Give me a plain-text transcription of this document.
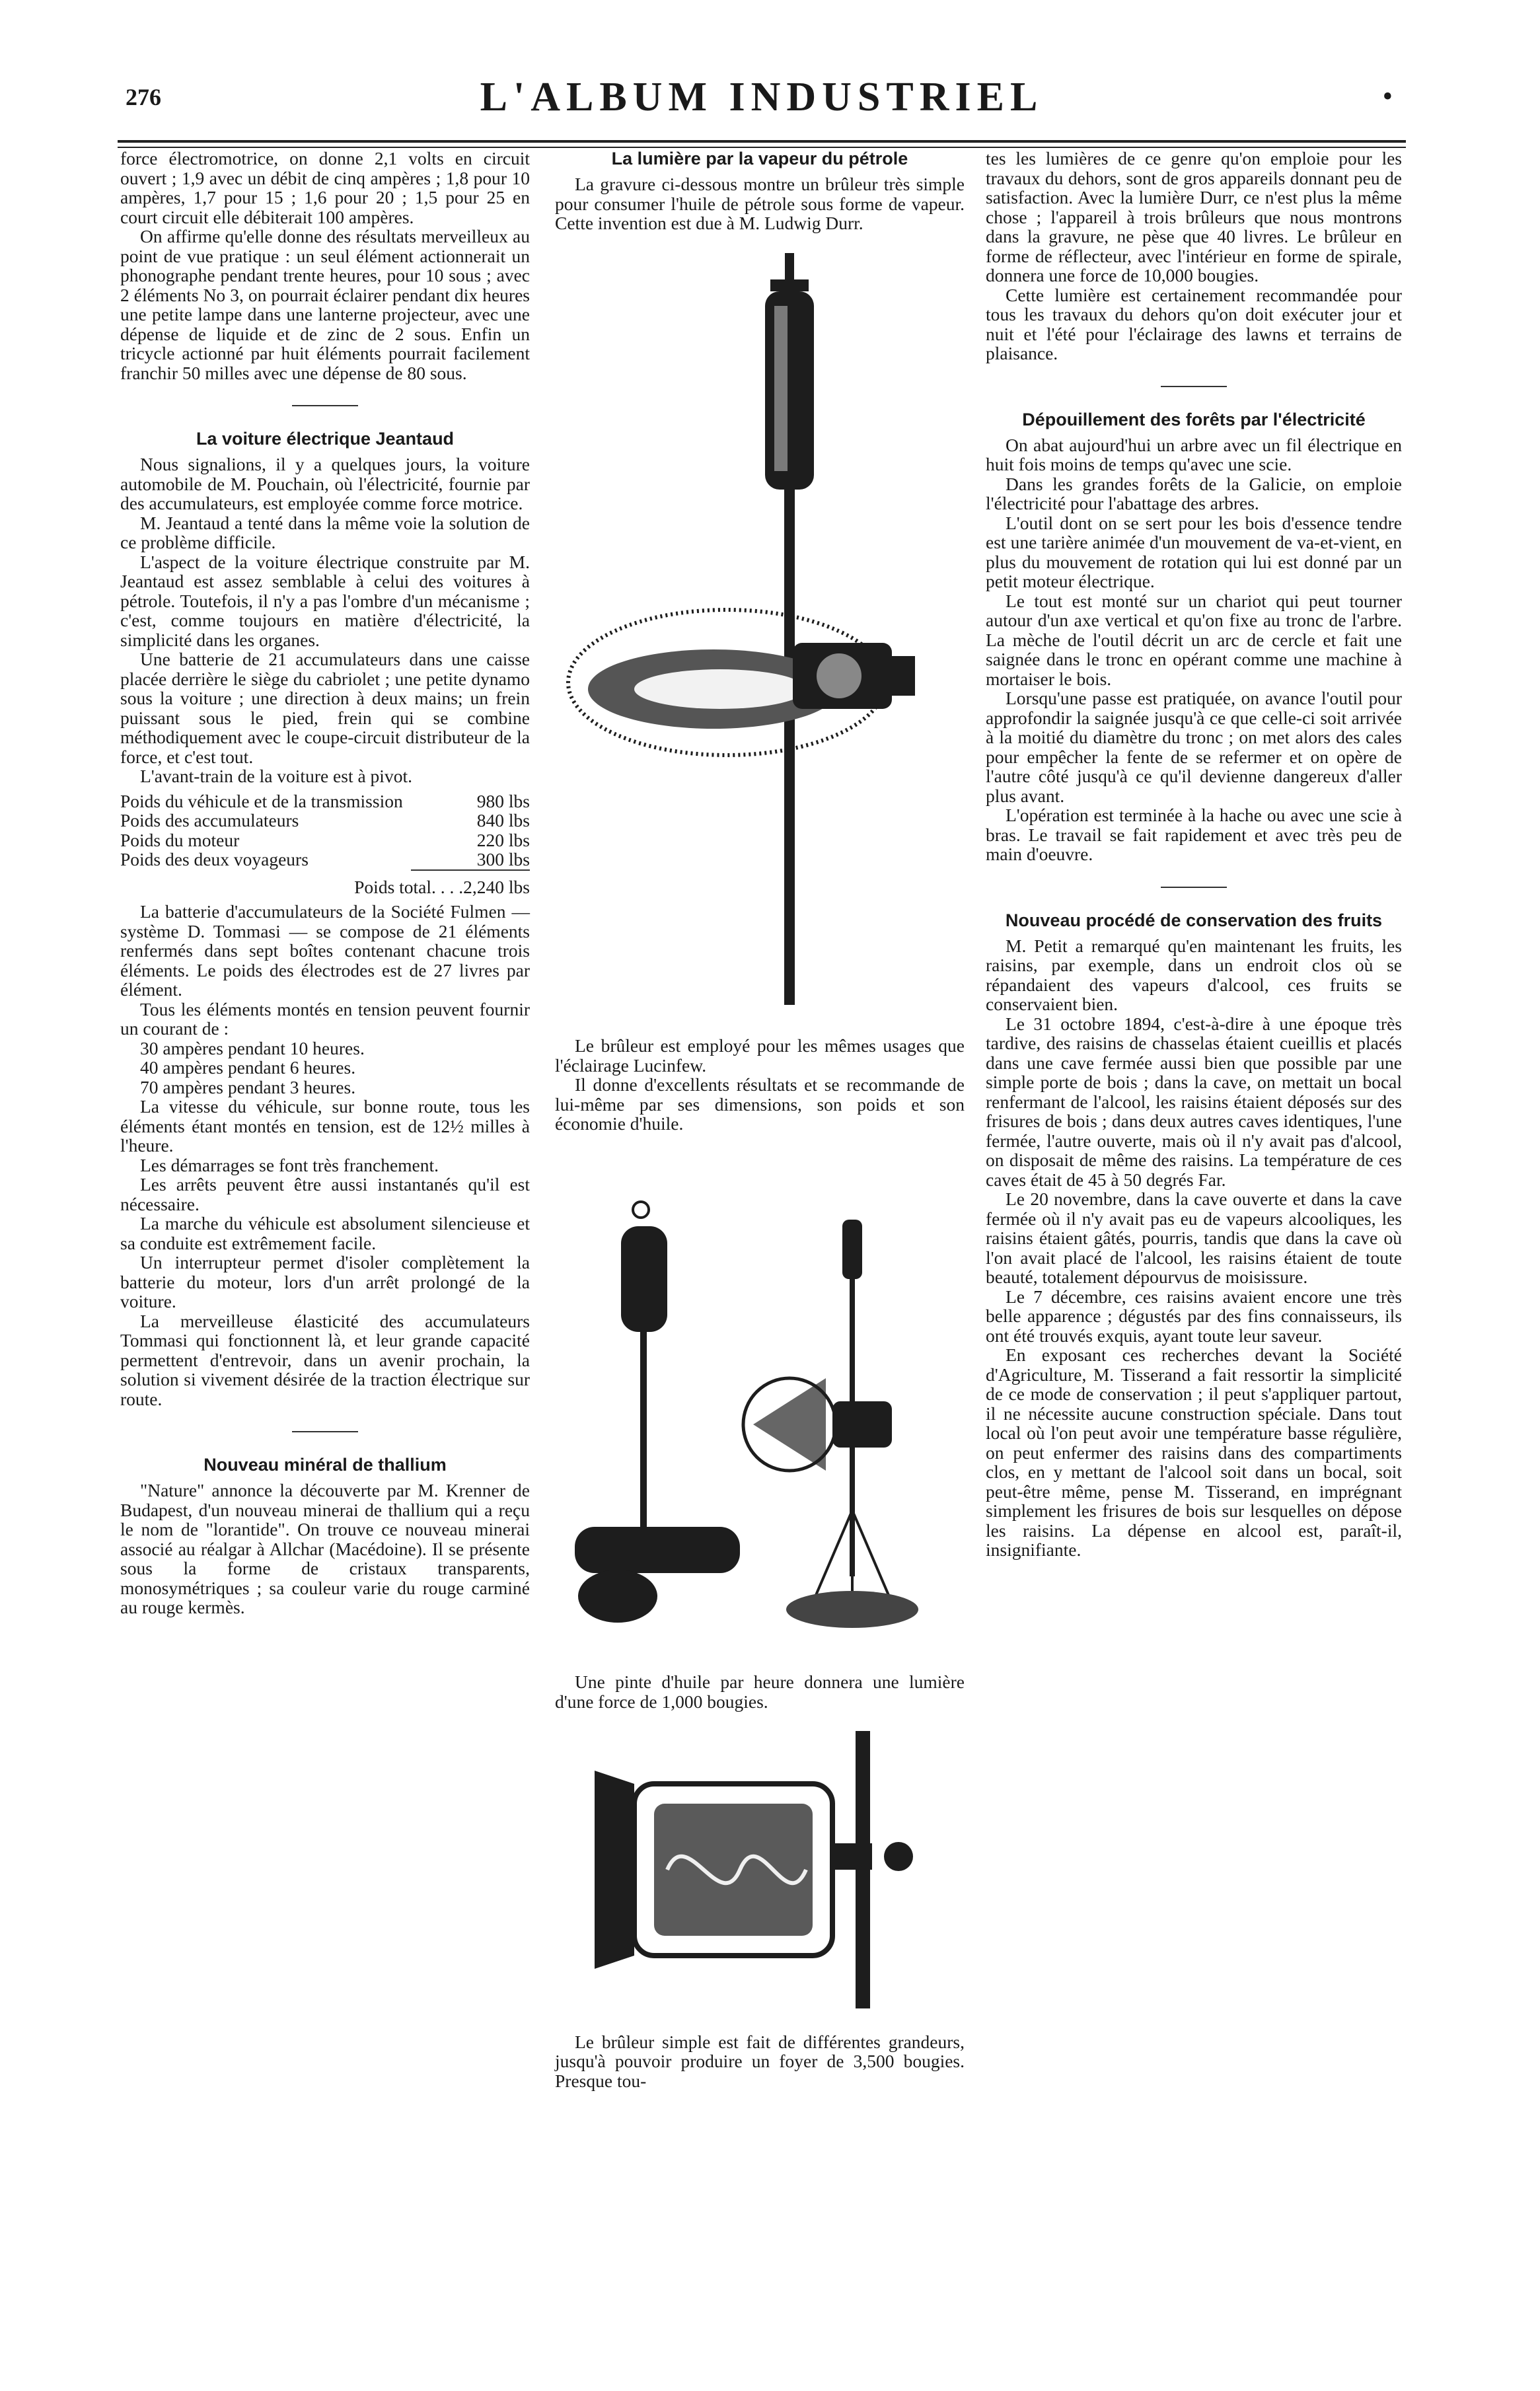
276	L'ALBUM INDUSTRIEL	•

force électromotrice, on donne 2,1 volts en circuit ouvert ; 1,9 avec un débit de cinq ampères ; 1,8 pour 10 ampères, 1,7 pour 15 ; 1,6 pour 20 ; 1,5 pour 25 en court circuit elle débiterait 100 ampères.

On affirme qu'elle donne des résultats merveilleux au point de vue pratique : un seul élément actionnerait un phonographe pendant trente heures, pour 10 sous ; avec 2 éléments No 3, on pourrait éclairer pendant dix heures une petite lampe dans une lanterne projecteur, avec une dépense de liquide et de zinc de 2 sous. Enfin un tricycle actionné par huit éléments pourrait facilement franchir 50 milles avec une dépense de 80 sous.

La voiture électrique Jeantaud

Nous signalions, il y a quelques jours, la voiture automobile de M. Pouchain, où l'électricité, fournie par des accumulateurs, est employée comme force motrice.

M. Jeantaud a tenté dans la même voie la solution de ce problème difficile.

L'aspect de la voiture électrique construite par M. Jeantaud est assez semblable à celui des voitures à pétrole. Toutefois, il n'y a pas l'ombre d'un mécanisme ; c'est, comme toujours en matière d'électricité, la simplicité dans les organes.

Une batterie de 21 accumulateurs dans une caisse placée derrière le siège du cabriolet ; une petite dynamo sous la voiture ; une direction à deux mains; un frein puissant sous le pied, frein qui se combine méthodiquement avec le coupe-circuit distributeur de la force, et c'est tout.

L'avant-train de la voiture est à pivot.

Poids du véhicule et de la transmission	980 lbs
Poids des accumulateurs	840 lbs
Poids du moteur	220 lbs
Poids des deux voyageurs	300 lbs
Poids total. . . .2,240 lbs

La batterie d'accumulateurs de la Société Fulmen — système D. Tommasi — se compose de 21 éléments renfermés dans sept boîtes contenant chacune trois éléments. Le poids des électrodes est de 27 livres par élément.

Tous les éléments montés en tension peuvent fournir un courant de :

30 ampères pendant 10 heures.
40 ampères pendant 6 heures.
70 ampères pendant 3 heures.

La vitesse du véhicule, sur bonne route, tous les éléments étant montés en tension, est de 12½ milles à l'heure.

Les démarrages se font très franchement.

Les arrêts peuvent être aussi instantanés qu'il est nécessaire.

La marche du véhicule est absolument silencieuse et sa conduite est extrêmement facile.

Un interrupteur permet d'isoler complètement la batterie du moteur, lors d'un arrêt prolongé de la voiture.

La merveilleuse élasticité des accumulateurs Tommasi qui fonctionnent là, et leur grande capacité permettent d'entrevoir, dans un avenir prochain, la solution si vivement désirée de la traction électrique sur route.

Nouveau minéral de thallium

"Nature" annonce la découverte par M. Krenner de Budapest, d'un nouveau minerai de thallium qui a reçu le nom de "lorantide". On trouve ce nouveau minerai associé au réalgar à Allchar (Macédoine). Il se présente sous la forme de cristaux transparents, monosymétriques ; sa couleur varie du rouge carminé au rouge kermès.

La lumière par la vapeur du pétrole

La gravure ci-dessous montre un brûleur très simple pour consumer l'huile de pétrole sous forme de vapeur. Cette invention est due à M. Ludwig Durr.

Le brûleur est employé pour les mêmes usages que l'éclairage Lucinfew.

Il donne d'excellents résultats et se recommande de lui-même par ses dimensions, son poids et son économie d'huile.

Une pinte d'huile par heure donnera une lumière d'une force de 1,000 bougies.

Le brûleur simple est fait de différentes grandeurs, jusqu'à pouvoir produire un foyer de 3,500 bougies. Presque tou-

tes les lumières de ce genre qu'on emploie pour les travaux du dehors, sont de gros appareils donnant peu de satisfaction. Avec la lumière Durr, ce n'est plus la même chose ; l'appareil à trois brûleurs que nous montrons dans la gravure, ne pèse que 40 livres. Le brûleur en forme de réflecteur, avec l'intérieur en forme de spirale, donnera une force de 10,000 bougies.

Cette lumière est certainement recommandée pour tous les travaux du dehors qu'on doit exécuter jour et nuit et l'été pour l'éclairage des lawns et terrains de plaisance.

Dépouillement des forêts par l'électricité

On abat aujourd'hui un arbre avec un fil électrique en huit fois moins de temps qu'avec une scie.

Dans les grandes forêts de la Galicie, on emploie l'électricité pour l'abattage des arbres.

L'outil dont on se sert pour les bois d'essence tendre est une tarière animée d'un mouvement de va-et-vient, en plus du mouvement de rotation qui lui est donné par un petit moteur électrique.

Le tout est monté sur un chariot qui peut tourner autour d'un axe vertical et qu'on fixe au tronc de l'arbre. La mèche de l'outil décrit un arc de cercle et fait une saignée dans le tronc en opérant comme une machine à mortaiser le bois.

Lorsqu'une passe est pratiquée, on avance l'outil pour approfondir la saignée jusqu'à ce que celle-ci soit arrivée à la moitié du diamètre du tronc ; on met alors des cales pour empêcher la fente de se refermer et on opère de l'autre côté jusqu'à ce qu'il devienne dangereux d'aller plus avant.

L'opération est terminée à la hache ou avec une scie à bras. Le travail se fait rapidement et avec très peu de main d'oeuvre.

Nouveau procédé de conservation des fruits

M. Petit a remarqué qu'en maintenant les fruits, les raisins, par exemple, dans un endroit clos où se répandaient des vapeurs d'alcool, ces fruits se conservaient bien.

Le 31 octobre 1894, c'est-à-dire à une époque très tardive, des raisins de chasselas étaient cueillis et placés dans une cave fermée aussi bien que possible par une simple porte de bois ; dans la cave, on mettait un bocal renfermant de l'alcool, les raisins étaient déposés sur des frisures de bois ; dans deux autres caves identiques, l'une fermée, l'autre ouverte, mais où il n'y avait pas d'alcool, on disposait de même des raisins. La température de ces caves était de 45 à 50 degrés Far.

Le 20 novembre, dans la cave ouverte et dans la cave fermée où il n'y avait pas eu de vapeurs alcooliques, les raisins étaient gâtés, pourris, tandis que dans la cave où l'on avait placé de l'alcool, les raisins étaient de toute beauté, totalement dépourvus de moisissure.

Le 7 décembre, ces raisins avaient encore une très belle apparence ; dégustés par des fins connaisseurs, ils ont été trouvés exquis, ayant toute leur saveur.

En exposant ces recherches devant la Société d'Agriculture, M. Tisserand a fait ressortir la simplicité de ce mode de conservation ; il peut s'appliquer partout, il ne nécessite aucune construction spéciale. Dans tout local où l'on peut avoir une température basse régulière, on peut enfermer des raisins dans des compartiments clos, en y mettant de l'alcool soit dans un bocal, soit peut-être même, pense M. Tisserand, en imprégnant simplement les frisures de bois sur lesquelles on dépose les raisins. La dépense en alcool est, paraît-il, insignifiante.
